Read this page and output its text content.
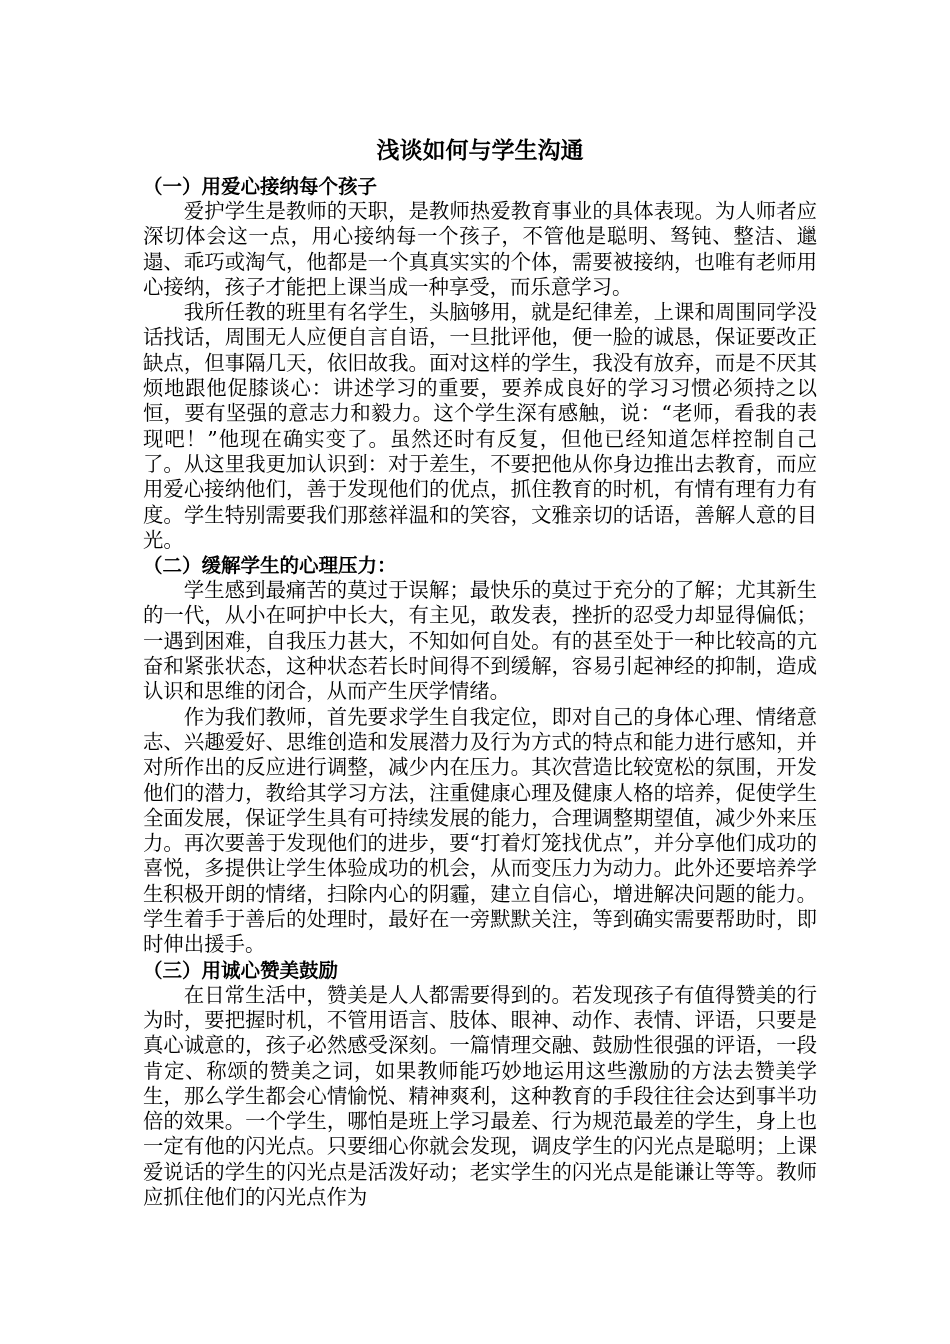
浅谈如何与学生沟通
（一）用爱心接纳每个孩子

爱护学生是教师的天职，是教师热爱教育事业的具体表现。为人师者应深切体会这一点，用心接纳每一个孩子，不管他是聪明、驽钝、整洁、邋遢、乖巧或淘气，他都是一个真真实实的个体，需要被接纳，也唯有老师用心接纳，孩子才能把上课当成一种享受，而乐意学习。

我所任教的班里有名学生，头脑够用，就是纪律差，上课和周围同学没话找话，周围无人应便自言自语，一旦批评他，便一脸的诚恳，保证要改正缺点，但事隔几天，依旧故我。面对这样的学生，我没有放弃，而是不厌其烦地跟他促膝谈心：讲述学习的重要，要养成良好的学习习惯必须持之以恒，要有坚强的意志力和毅力。这个学生深有感触，说：“老师，看我的表现吧！”他现在确实变了。虽然还时有反复，但他已经知道怎样控制自己了。从这里我更加认识到：对于差生，不要把他从你身边推出去教育，而应用爱心接纳他们，善于发现他们的优点，抓住教育的时机，有情有理有力有度。学生特别需要我们那慈祥温和的笑容，文雅亲切的话语，善解人意的目光。

（二）缓解学生的心理压力：

学生感到最痛苦的莫过于误解；最快乐的莫过于充分的了解；尤其新生的一代，从小在呵护中长大，有主见，敢发表，挫折的忍受力却显得偏低；一遇到困难，自我压力甚大，不知如何自处。有的甚至处于一种比较高的亢奋和紧张状态，这种状态若长时间得不到缓解，容易引起神经的抑制，造成认识和思维的闭合，从而产生厌学情绪。

作为我们教师，首先要求学生自我定位，即对自己的身体心理、情绪意志、兴趣爱好、思维创造和发展潜力及行为方式的特点和能力进行感知，并对所作出的反应进行调整，减少内在压力。其次营造比较宽松的氛围，开发他们的潜力，教给其学习方法，注重健康心理及健康人格的培养，促使学生全面发展，保证学生具有可持续发展的能力，合理调整期望值，减少外来压力。再次要善于发现他们的进步，要“打着灯笼找优点”，并分享他们成功的喜悦，多提供让学生体验成功的机会，从而变压力为动力。此外还要培养学生积极开朗的情绪，扫除内心的阴霾，建立自信心，增进解决问题的能力。学生着手于善后的处理时，最好在一旁默默关注，等到确实需要帮助时，即时伸出援手。

（三）用诚心赞美鼓励

在日常生活中，赞美是人人都需要得到的。若发现孩子有值得赞美的行为时，要把握时机，不管用语言、肢体、眼神、动作、表情、评语，只要是真心诚意的，孩子必然感受深刻。一篇情理交融、鼓励性很强的评语，一段肯定、称颂的赞美之词，如果教师能巧妙地运用这些激励的方法去赞美学生，那么学生都会心情愉悦、精神爽利，这种教育的手段往往会达到事半功倍的效果。一个学生，哪怕是班上学习最差、行为规范最差的学生，身上也一定有他的闪光点。只要细心你就会发现，调皮学生的闪光点是聪明；上课爱说话的学生的闪光点是活泼好动；老实学生的闪光点是能谦让等等。教师应抓住他们的闪光点作为
